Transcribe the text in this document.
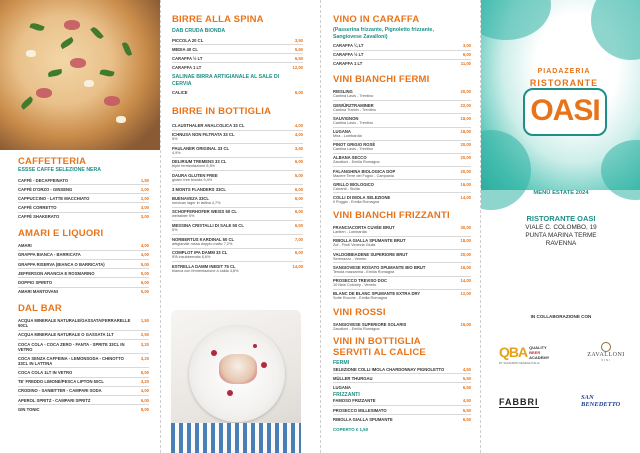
CAFFETTERIA
ESSSE CAFFE SELEZIONE NERA
CAFFÈ - DECAFFEINATO	1,50
CAFFÈ D'ORZO - GINSENG	2,00
CAPPUCCINO - LATTE MACCHIATO	2,00
CAFFÈ CORRETTO	3,00
CAFFÈ SHAKERATO	3,00
AMARI E LIQUORI
AMARI	4,00
GRAPPA BIANCA - BARRICATA	4,00
GRAPPA RISERVA (BIANCA O BARRICATA)	5,00
JEFFERSON ARANCIA E ROSMARINO	5,00
DOPPIO SPIRITO	6,00
AMARI MANTOVANI	5,00
DAL BAR
ACQUA MINERALE NATURALE/GASSATA/FERRARELLE 50CL
1,50
ACQUA MINERALE NATURALE O GASSATA 1LT	2,50
COCA COLA - COCA ZERO - FANTA - SPRITE 33CL IN VETRO
3,20
COCA SENZA CAFFEINA - LEMONSODA - CHINOTTO 33CL IN LATTINA
3,20
COCA COLA 1LT IN VETRO	6,00
TE' FREDDO LIMONE/PESCA LIPTON 50CL	3,20
CRODINO - SANBITTER - CAMPARI SODA	4,00
APEROL SPRITZ - CAMPARI SPRITZ	6,00
GIN TONIC	8,00
BIRRE ALLA SPINA
DAB CRUDA BIONDA
PICCOLA 20 CL	3,50
MEDIA 40 CL	5,50
CARAFFA ½ LT	6,50
CARAFFA 1 LT	12,00
SALINAE BIRRA ARTIGIANALE AL SALE DI CERVIA
CALICE	6,00
BIRRE IN BOTTIGLIA
CLAUSTHALER ANALCOLICA 33 CL	4,00
ICHNUSA NON FILTRATA 33 CL
5%
4,00
PAULANER ORIGINAL 33 CL
4,9%
3,50
DELIRIUM TREMENS 33 CL
triple fermentazione 8,5%
6,00
DAURA GLUTEN FREE
gluten free bionda 5,4%
5,00
3 MONTS FLANDERS 33CL	6,00
BUENAVEZA 33CL
mexican lager in lattina 4,7%
6,00
SCHOFFERHOFER WEISS 50 CL
weissbier 5%
6,00
MESSINA CRISTALLI DI SALE 50 CL
5%
6,50
NORBERTUS KARDINAL 50 CL
artigianale rossa doppio malto 7,2%
7,00
COMPLOT IPA DAMM 33 CL
IPA insubbernata 6,6%
6,00
ESTRELLA DAMM INEDIT 75 CL
bianca con fermentazione a calda 4,8%
14,00
VINO IN CARAFFA
(Passerina frizzante, Pignoletto frizzante, Sangiovese Zavalloni)
CARAFFA ¼ LT	3,00
CARAFFA ½ LT	6,00
CARAFFA 1 LT	11,00
VINI BIANCHI FERMI
RIESLING
Cantina Lavis - Trentino
20,00
GEWÜRZTRAMINER
Cantina Tramin - Trentino
22,00
SAUVIGNON
Cantina Lavis - Trentino
18,00
LUGANA
Mira - Lombardia
18,00
PINOT GRIGIO ROSÉ
Cantina Lavis - Trentino
20,00
ALBANA SECCO
Zavalloni - Emilia Romagna
20,00
FALANGHINA BIOLOGICA DOP
Macere Terre del Fugno - Campania
20,00
GRILLO BIOLOGICO
Carranti - Sicilia
16,00
COLLI DI IMOLA SELEZIONE
Il Poggio - Emilia Romagna
14,00
VINI BIANCHI FRIZZANTI
FRANCIACORTA CUVÉE BRUT
Lantieri - Lombardia
30,00
RIBOLLA GIALLA SPUMANTE BRUT
Zof - Friuli Venezia Giulia
18,00
VALDOBBIADENE SUPERIORE BRUT
Serenazzo - Veneto
20,00
SANGIOVESE ROSATO SPUMANTE BIO BRUT
Tenuta mazzarina - Emilia Romagna
16,00
PROSECCO TREVISO DOC
10 New Colonny - Veneto
14,00
BLANC DE BLANC SPUMANTE EXTRA DRY
Sotte Rocche - Emilia Romagna
12,00
VINI ROSSI
SANGIOVESE SUPERIORE SOLARIS
Zavalloni - Emilia Romagna
16,00
VINI IN BOTTIGLIA
SERVITI AL CALICE
FERMI
SELEZIONE COLLI IMOLA CHARDONNAY PIGNOLETTO	4,50
MÜLLER THURGAU	5,50
LUGANA	6,50
FRIZZANTI
FAMOSO FRIZZANTE	4,50
PROSECCO MILLESIMATO	5,50
RIBOLLA GIALLA SPUMANTE	6,50
COPERTO € 1,50
PIADAZERIA
RISTORANTE
OASI
MENÙ ESTATE 2024
RISTORANTE OASI
VIALE C. COLOMBO, 19
PUNTA MARINA TERME
RAVENNA
IN COLLABORAZIONE CON
QBA QUALITY
BEER
ACADEMY
BY SCHIFFRIN CESENA ITALIA
ZAVALLONI
VINI
FABBRI	SAN BENEDETTO
